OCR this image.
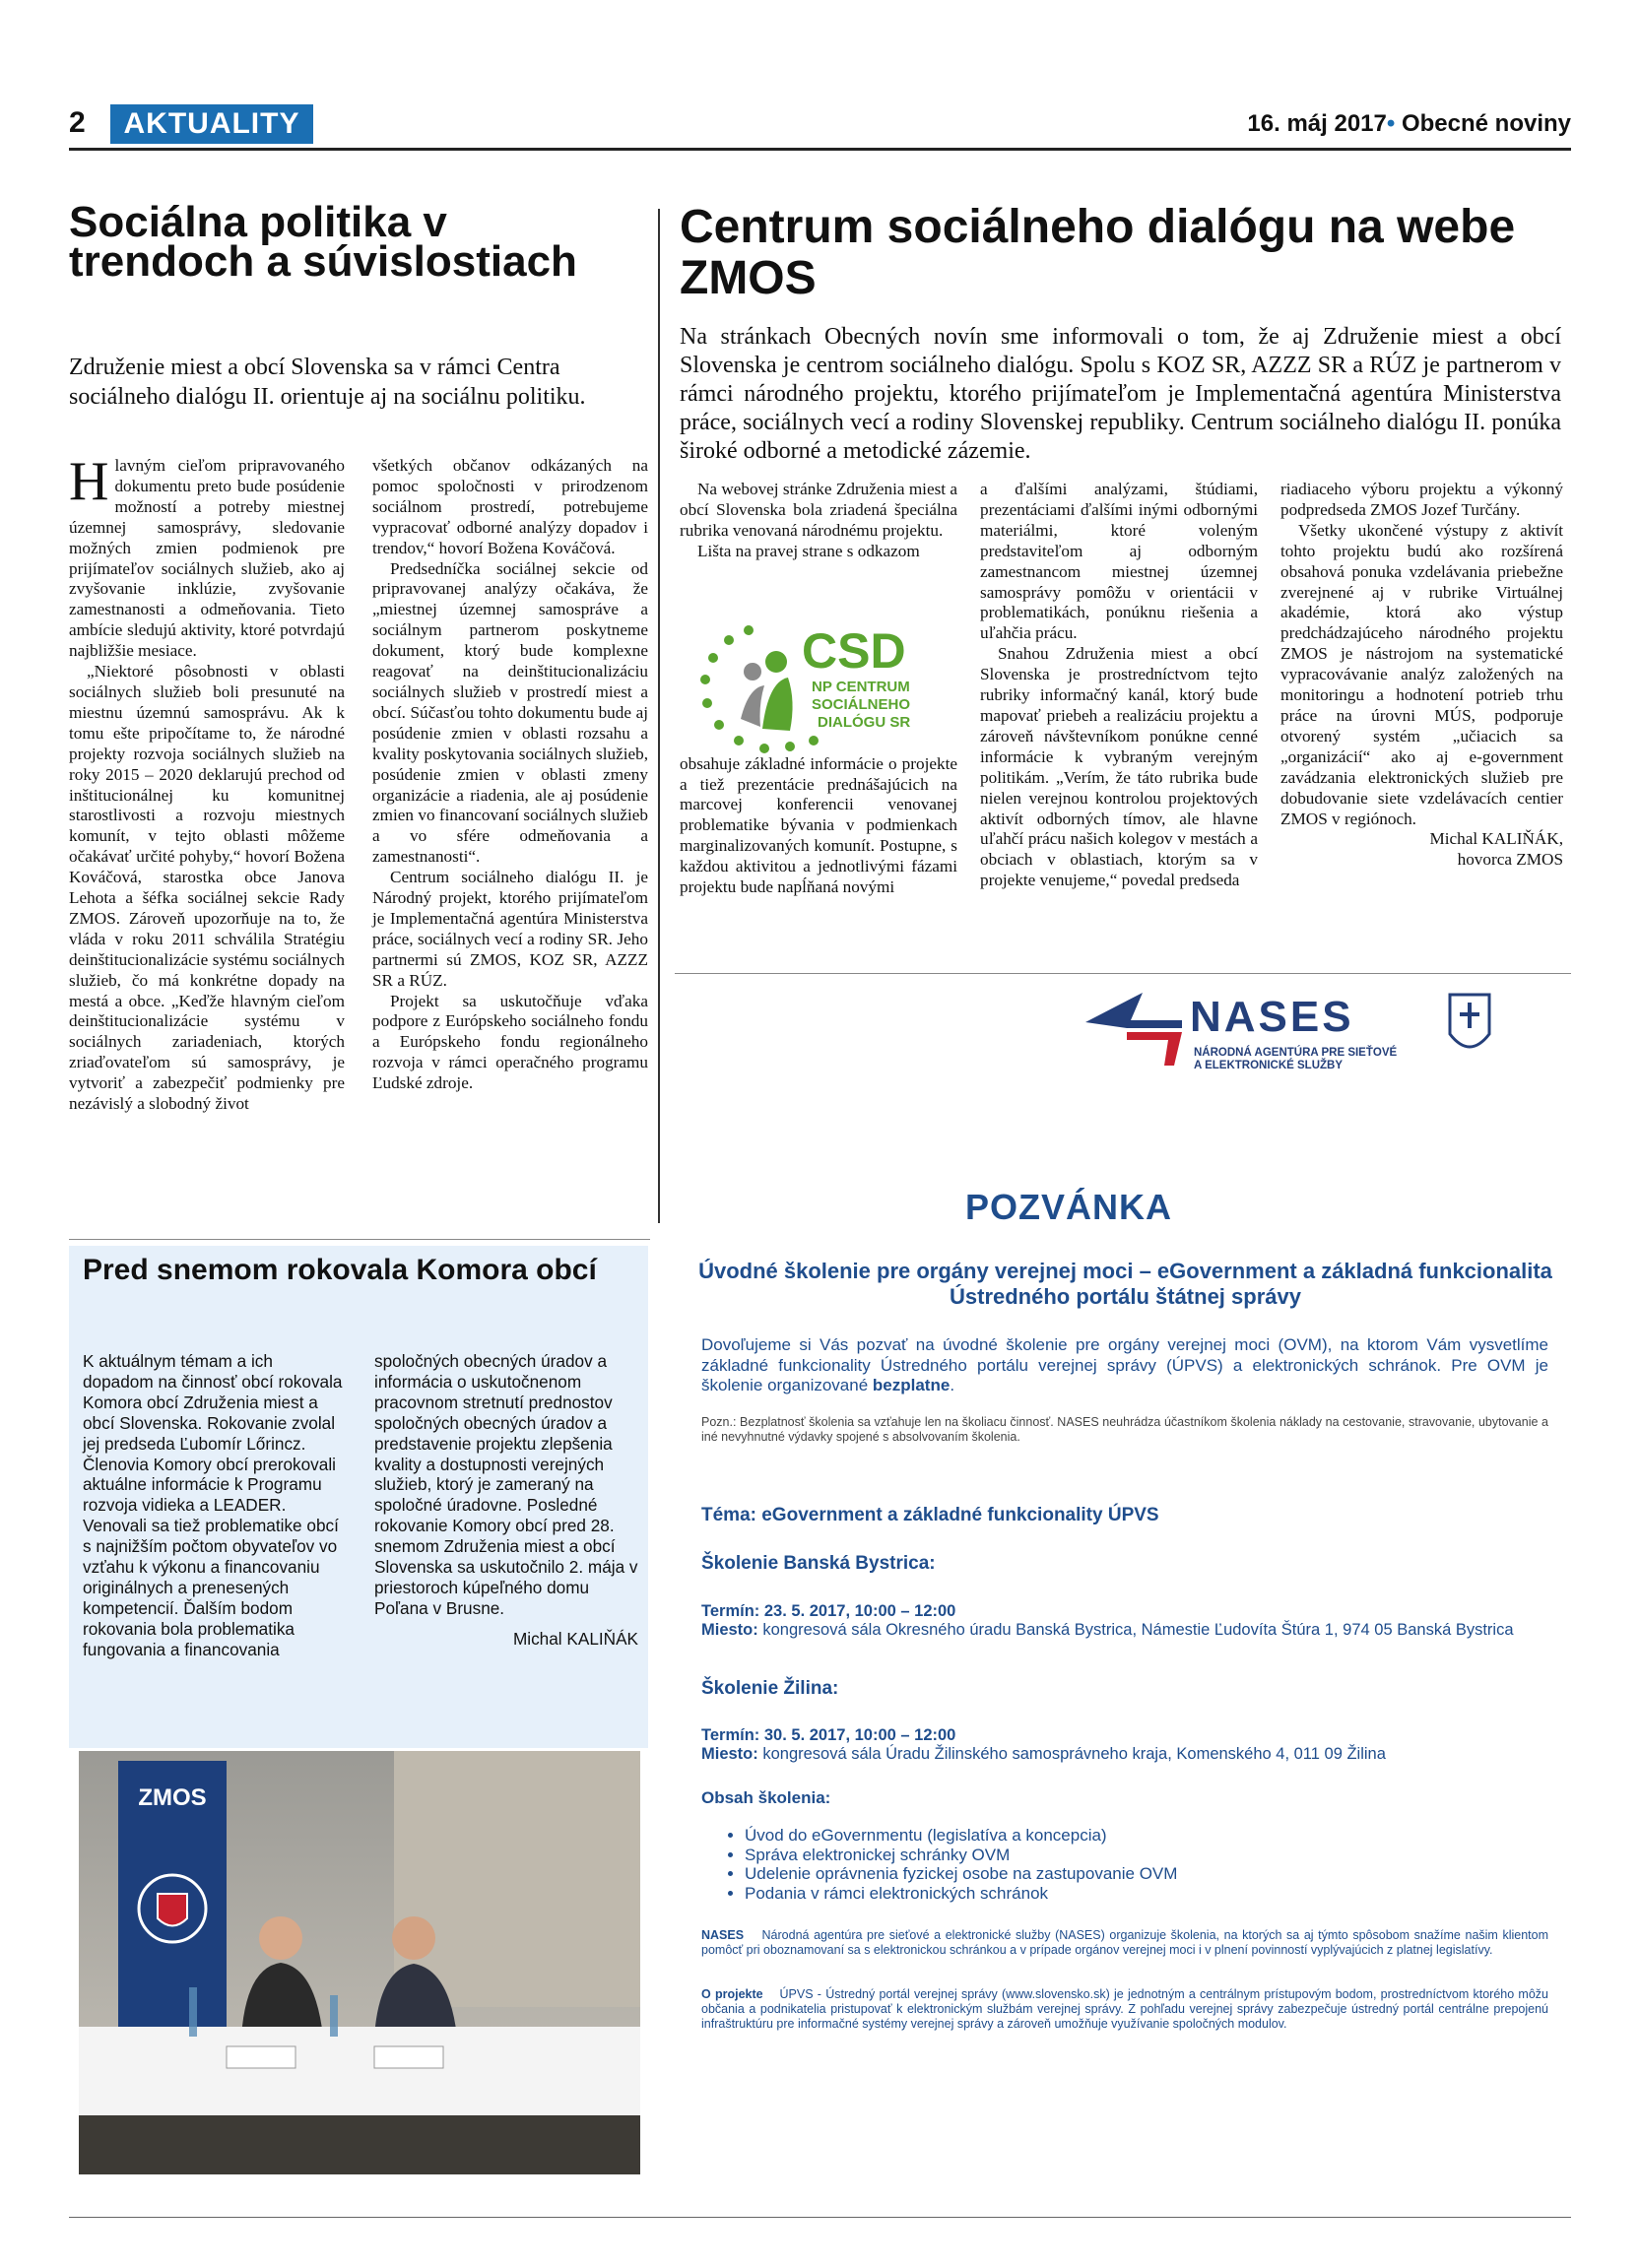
2	AKTUALITY	16. máj 2017• Obecné noviny
Sociálna politika v trendoch a súvislostiach
Združenie miest a obcí Slovenska sa v rámci Centra sociálneho dialógu II. orientuje aj na sociálnu politiku.

Hlavným cieľom pripravovaného dokumentu preto bude posúdenie možností a potreby miestnej územnej samosprávy, sledovanie možných zmien podmienok pre prijímateľov sociálnych služieb, ako aj zvyšovanie inklúzie, zvyšovanie zamestnanosti a odmeňovania. Tieto ambície sledujú aktivity, ktoré potvrdajú najbližšie mesiace.

„Niektoré pôsobnosti v oblasti sociálnych služieb boli presunuté na miestnu územnú samosprávu. Ak k tomu ešte pripočítame to, že národné projekty rozvoja sociálnych služieb na roky 2015 – 2020 deklarujú prechod od inštitucionálnej ku komunitnej starostlivosti a rozvoju miestnych komunít, v tejto oblasti môžeme očakávať určité pohyby,“ hovorí Božena Kováčová, starostka obce Janova Lehota a šéfka sociálnej sekcie Rady ZMOS. Zároveň upozorňuje na to, že vláda v roku 2011 schválila Stratégiu deinštitucionalizácie systému sociálnych služieb, čo má konkrétne dopady na mestá a obce. „Keďže hlavným cieľom deinštitucionalizácie systému v sociálnych zariadeniach, ktorých zriaďovateľom sú samosprávy, je vytvoriť a zabezpečiť podmienky pre nezávislý a slobodný život

všetkých občanov odkázaných na pomoc spoločnosti v prirodzenom sociálnom prostredí, potrebujeme vypracovať odborné analýzy dopadov i trendov,“ hovorí Božena Kováčová.

Predsedníčka sociálnej sekcie od pripravovanej analýzy očakáva, že „miestnej územnej samospráve a sociálnym partnerom poskytneme dokument, ktorý bude komplexne reagovať na deinštitucionalizáciu sociálnych služieb v prostredí miest a obcí. Súčasťou tohto dokumentu bude aj posúdenie zmien v oblasti rozsahu a kvality poskytovania sociálnych služieb, posúdenie zmien v oblasti zmeny organizácie a riadenia, ale aj posúdenie zmien vo financovaní sociálnych služieb a vo sfére odmeňovania a zamestnanosti“.

Centrum sociálneho dialógu II. je Národný projekt, ktorého prijímateľom je Implementačná agentúra Ministerstva práce, sociálnych vecí a rodiny SR. Jeho partnermi sú ZMOS, KOZ SR, AZZZ SR a RÚZ.

Projekt sa uskutočňuje vďaka podpore z Európskeho sociálneho fondu a Európskeho fondu regionálneho rozvoja v rámci operačného programu Ľudské zdroje.

Centrum sociálneho dialógu na webe ZMOS
Na stránkach Obecných novín sme informovali o tom, že aj Združenie miest a obcí Slovenska je centrom sociálneho dialógu. Spolu s KOZ SR, AZZZ SR a RÚZ je partnerom v rámci národného projektu, ktorého prijímateľom je Implementačná agentúra Ministerstva práce, sociálnych vecí a rodiny Slovenskej republiky. Centrum sociálneho dialógu II. ponúka široké odborné a metodické zázemie.

Na webovej stránke Združenia miest a obcí Slovenska bola zriadená špeciálna rubrika venovaná národnému projektu.

Lišta na pravej strane s odkazom

obsahuje základné informácie o projekte a tiež prezentácie prednášajúcich na marcovej konferencii venovanej problematike bývania v podmienkach marginalizovaných komunít. Postupne, s každou aktivitou a jednotlivými fázami projektu bude napĺňaná novými

CSD
NP CENTRUM
SOCIÁLNEHO
DIALÓGU SR

a ďalšími analýzami, štúdiami, prezentáciami ďalšími inými odbornými materiálmi, ktoré voleným predstaviteľom aj odborným zamestnancom miestnej územnej samosprávy pomôžu v orientácii v problematikách, ponúknu riešenia a uľahčia prácu.

Snahou Združenia miest a obcí Slovenska je prostredníctvom tejto rubriky informačný kanál, ktorý bude mapovať priebeh a realizáciu projektu a zároveň návštevníkom ponúkne cenné informácie k vybraným verejným politikám. „Verím, že táto rubrika bude nielen verejnou kontrolou projektových aktivít odborných tímov, ale hlavne uľahčí prácu našich kolegov v mestách a obciach v oblastiach, ktorým sa v projekte venujeme,“ povedal predseda

riadiaceho výboru projektu a výkonný podpredseda ZMOS Jozef Turčány.

Všetky ukončené výstupy z aktivít tohto projektu budú ako rozšírená obsahová ponuka vzdelávania priebežne zverejnené aj v rubrike Virtuálnej akadémie, ktorá ako výstup predchádzajúceho národného projektu ZMOS je nástrojom na systematické vypracovávanie analýz založených na monitoringu a hodnotení potrieb trhu práce na úrovni MÚS, podporuje otvorený systém „učiacich sa „organizácií“ ako aj e-government zavádzania elektronických služieb pre dobudovanie siete vzdelávacích centier ZMOS v regiónoch.

Michal KALIŇÁK,

hovorca ZMOS

Pred snemom rokovala Komora obcí
K aktuálnym témam a ich dopadom na činnosť obcí rokovala Komora obcí Združenia miest a obcí Slovenska. Rokovanie zvolal jej predseda Ľubomír Lőrincz. Členovia Komory obcí prerokovali aktuálne informácie k Programu rozvoja vidieka a LEADER. Venovali sa tiež problematike obcí s najnižším počtom obyvateľov vo vzťahu k výkonu a financovaniu originálnych a prenesených kompetencií. Ďalším bodom rokovania bola problematika fungovania a financovania

spoločných obecných úradov a informácia o uskutočnenom pracovnom stretnutí prednostov spoločných obecných úradov a predstavenie projektu zlepšenia kvality a dostupnosti verejných služieb, ktorý je zameraný na spoločné úradovne. Posledné rokovanie Komory obcí pred 28. snemom Združenia miest a obcí Slovenska sa uskutočnilo 2. mája v priestoroch kúpeľného domu Poľana v Brusne.

Michal KALIŇÁK

ZMOS
NASES
NÁRODNÁ AGENTÚRA PRE SIEŤOVÉ
A ELEKTRONICKÉ SLUŽBY
POZVÁNKA
Úvodné školenie pre orgány verejnej moci – eGovernment a základná funkcionalita Ústredného portálu štátnej správy
Dovoľujeme si Vás pozvať na úvodné školenie pre orgány verejnej moci (OVM), na ktorom Vám vysvetlíme základné funkcionality Ústredného portálu verejnej správy (ÚPVS) a elektronických schránok. Pre OVM je školenie organizované bezplatne.
Pozn.: Bezplatnosť školenia sa vzťahuje len na školiacu činnosť. NASES neuhrádza účastníkom školenia náklady na cestovanie, stravovanie, ubytovanie a iné nevyhnutné výdavky spojené s absolvovaním školenia.
Téma: eGovernment a základné funkcionality ÚPVS
Školenie Banská Bystrica:
Termín: 23. 5. 2017, 10:00 – 12:00
Miesto: kongresová sála Okresného úradu Banská Bystrica, Námestie Ľudovíta Štúra 1, 974 05 Banská Bystrica
Školenie Žilina:
Termín: 30. 5. 2017, 10:00 – 12:00
Miesto: kongresová sála Úradu Žilinského samosprávneho kraja, Komenského 4, 011 09 Žilina
Obsah školenia:
• Úvod do eGovernmentu (legislatíva a koncepcia)
• Správa elektronickej schránky OVM
• Udelenie oprávnenia fyzickej osobe na zastupovanie OVM
• Podania v rámci elektronických schránok
NASES Národná agentúra pre sieťové a elektronické služby (NASES) organizuje školenia, na ktorých sa aj týmto spôsobom snažíme našim klientom pomôcť pri oboznamovaní sa s elektronickou schránkou a v prípade orgánov verejnej moci i v plnení povinností vyplývajúcich z platnej legislatívy.
O projekte ÚPVS - Ústredný portál verejnej správy (www.slovensko.sk) je jednotným a centrálnym prístupovým bodom, prostredníctvom ktorého môžu občania a podnikatelia pristupovať k elektronickým službám verejnej správy. Z pohľadu verejnej správy zabezpečuje ústredný portál centrálne prepojenú infraštruktúru pre informačné systémy verejnej správy a zároveň umožňuje využívanie spoločných modulov.
